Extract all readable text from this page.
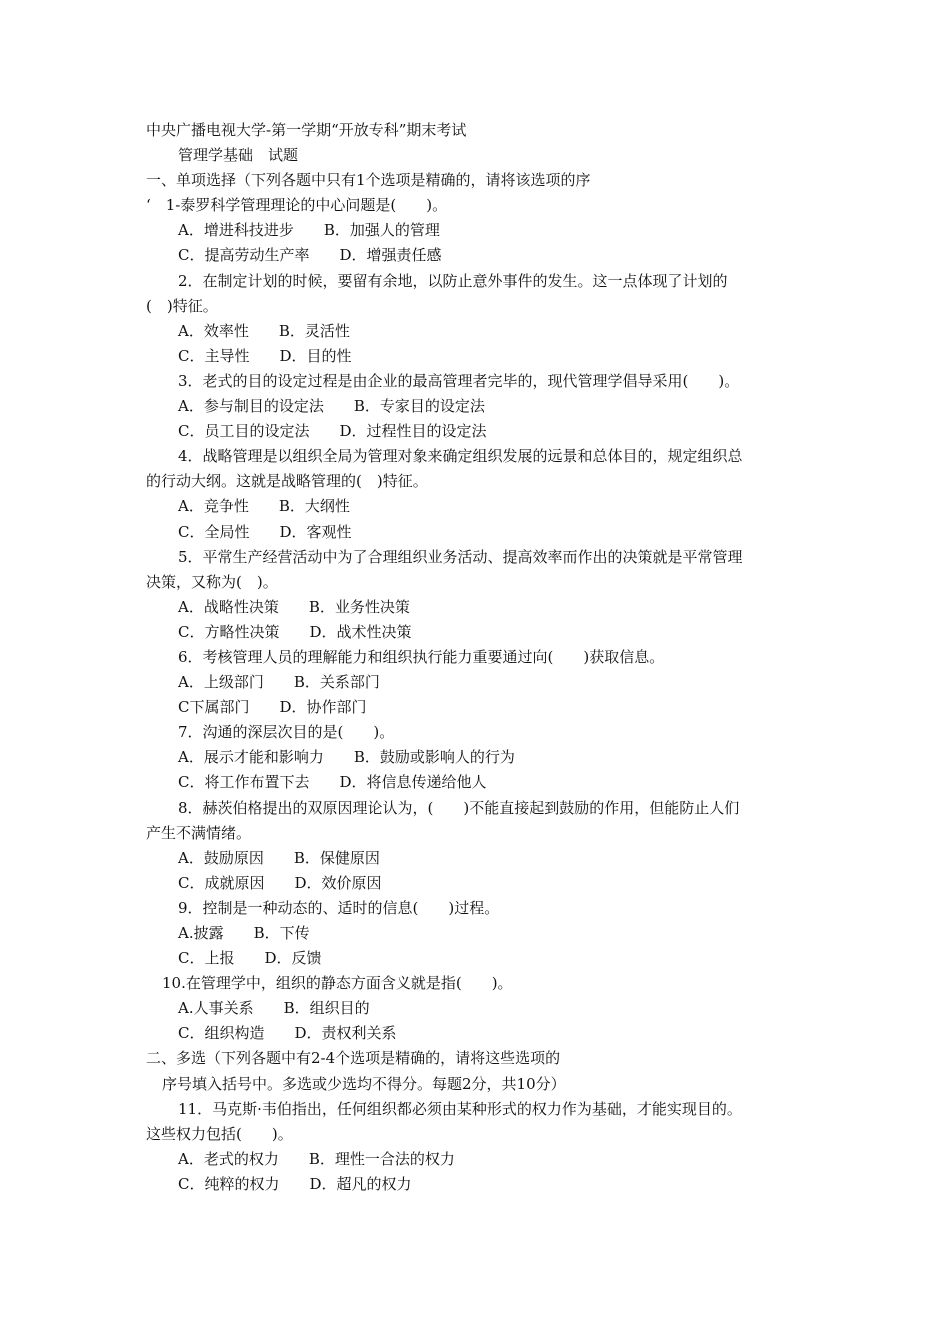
中央广播电视大学-第一学期“开放专科”期末考试
管理学基础　试题
一、单项选择（下列各题中只有1个选项是精确的，请将该选项的序
‘　1-泰罗科学管理理论的中心问题是(　　)。
A．增进科技进步　　B．加强人的管理
C．提高劳动生产率　　D．增强责任感
2．在制定计划的时候，要留有余地，以防止意外事件的发生。这一点体现了计划的
(　)特征。
A．效率性　　B．灵活性
C．主导性　　D．目的性
3．老式的目的设定过程是由企业的最高管理者完毕的，现代管理学倡导采用(　　)。
A．参与制目的设定法　　B．专家目的设定法
C．员工目的设定法　　D．过程性目的设定法
4．战略管理是以组织全局为管理对象来确定组织发展的远景和总体目的，规定组织总
的行动大纲。这就是战略管理的(　)特征。
A．竞争性　　B．大纲性
C．全局性　　D．客观性
5．平常生产经营活动中为了合理组织业务活动、提高效率而作出的决策就是平常管理
决策，又称为(　)。
A．战略性决策　　B．业务性决策
C．方略性决策　　D．战术性决策
6．考核管理人员的理解能力和组织执行能力重要通过向(　　)获取信息。
A．上级部门　　B．关系部门
C下属部门　　D．协作部门
7．沟通的深层次目的是(　　)。
A．展示才能和影响力　　B．鼓励或影响人的行为
C．将工作布置下去　　D．将信息传递给他人
8．赫茨伯格提出的双原因理论认为，(　　)不能直接起到鼓励的作用，但能防止人们
产生不满情绪。
A．鼓励原因　　B．保健原因
C．成就原因　　D．效价原因
9．控制是一种动态的、适时的信息(　　)过程。
A.披露　　B．下传
C．上报　　D．反馈
10.在管理学中，组织的静态方面含义就是指(　　)。
A.人事关系　　B．组织目的
C．组织构造　　D．责权利关系
二、多选（下列各题中有2-4个选项是精确的，请将这些选项的
序号填入括号中。多选或少选均不得分。每题2分，共10分）
11．马克斯·韦伯指出，任何组织都必须由某种形式的权力作为基础，才能实现目的。
这些权力包括(　　)。
A．老式的权力　　B．理性一合法的权力
C．纯粹的权力　　D．超凡的权力
